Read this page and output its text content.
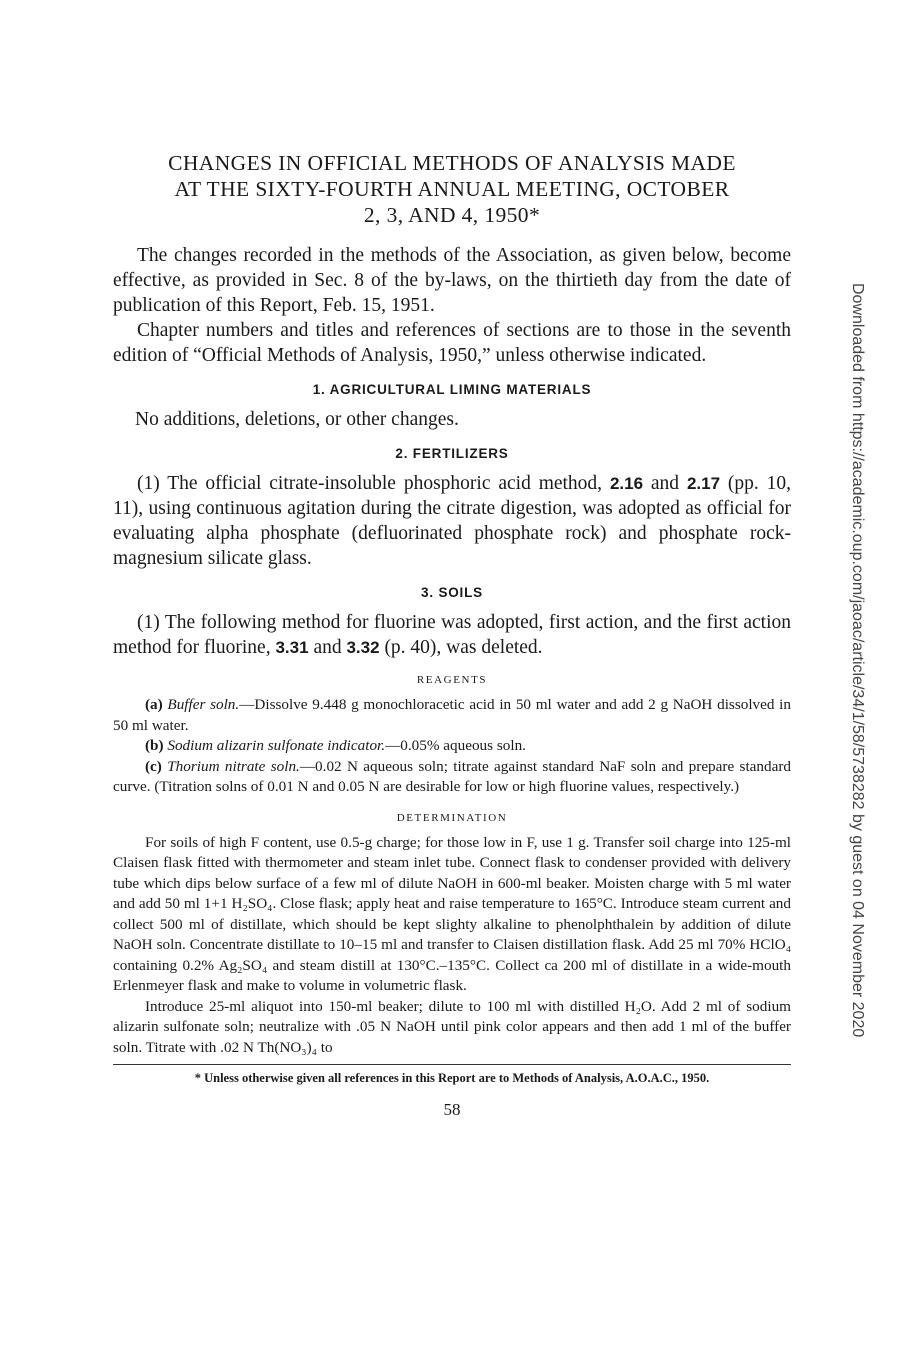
CHANGES IN OFFICIAL METHODS OF ANALYSIS MADE
AT THE SIXTY-FOURTH ANNUAL MEETING, OCTOBER
2, 3, AND 4, 1950*

The changes recorded in the methods of the Association, as given below, become effective, as provided in Sec. 8 of the by-laws, on the thirtieth day from the date of publication of this Report, Feb. 15, 1951.

Chapter numbers and titles and references of sections are to those in the seventh edition of “Official Methods of Analysis, 1950,” unless otherwise indicated.

1. AGRICULTURAL LIMING MATERIALS

No additions, deletions, or other changes.

2. FERTILIZERS

(1) The official citrate-insoluble phosphoric acid method, 2.16 and 2.17 (pp. 10, 11), using continuous agitation during the citrate digestion, was adopted as official for evaluating alpha phosphate (defluorinated phosphate rock) and phosphate rock-magnesium silicate glass.

3. SOILS

(1) The following method for fluorine was adopted, first action, and the first action method for fluorine, 3.31 and 3.32 (p. 40), was deleted.

REAGENTS

(a) Buffer soln.—Dissolve 9.448 g monochloracetic acid in 50 ml water and add 2 g NaOH dissolved in 50 ml water.

(b) Sodium alizarin sulfonate indicator.—0.05% aqueous soln.

(c) Thorium nitrate soln.—0.02 N aqueous soln; titrate against standard NaF soln and prepare standard curve. (Titration solns of 0.01 N and 0.05 N are desirable for low or high fluorine values, respectively.)

DETERMINATION

For soils of high F content, use 0.5-g charge; for those low in F, use 1 g. Transfer soil charge into 125-ml Claisen flask fitted with thermometer and steam inlet tube. Connect flask to condenser provided with delivery tube which dips below surface of a few ml of dilute NaOH in 600-ml beaker. Moisten charge with 5 ml water and add 50 ml 1+1 H₂SO₄. Close flask; apply heat and raise temperature to 165°C. Introduce steam current and collect 500 ml of distillate, which should be kept slighty alkaline to phenolphthalein by addition of dilute NaOH soln. Concentrate distillate to 10–15 ml and transfer to Claisen distillation flask. Add 25 ml 70% HClO₄ containing 0.2% Ag₂SO₄ and steam distill at 130°C.–135°C. Collect ca 200 ml of distillate in a wide-mouth Erlenmeyer flask and make to volume in volumetric flask.

Introduce 25-ml aliquot into 150-ml beaker; dilute to 100 ml with distilled H₂O. Add 2 ml of sodium alizarin sulfonate soln; neutralize with .05 N NaOH until pink color appears and then add 1 ml of the buffer soln. Titrate with .02 N Th(NO₃)₄ to

* Unless otherwise given all references in this Report are to Methods of Analysis, A.O.A.C., 1950.
58
Downloaded from https://academic.oup.com/jaoac/article/34/1/58/5738282 by guest on 04 November 2020
